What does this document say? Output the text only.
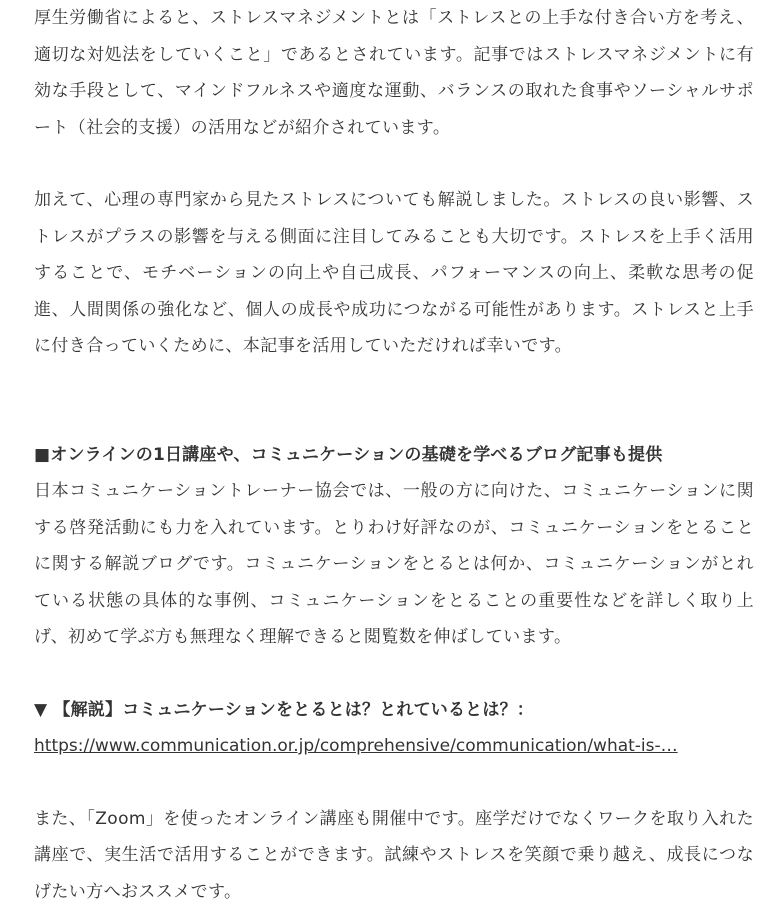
厚生労働省によると、ストレスマネジメントとは「ストレスとの上手な付き合い方を考え、適切な対処法をしていくこと」であるとされています。記事ではストレスマネジメントに有効な手段として、マインドフルネスや適度な運動、バランスの取れた食事やソーシャルサポート（社会的支援）の活用などが紹介されています。

加えて、心理の専門家から見たストレスについても解説しました。ストレスの良い影響、ストレスがプラスの影響を与える側面に注目してみることも大切です。ストレスを上手く活用することで、モチベーションの向上や自己成長、パフォーマンスの向上、柔軟な思考の促進、人間関係の強化など、個人の成長や成功につながる可能性があります。ストレスと上手に付き合っていくために、本記事を活用していただければ幸いです。

■オンラインの1日講座や、コミュニケーションの基礎を学べるブログ記事も提供

日本コミュニケーショントレーナー協会では、一般の方に向けた、コミュニケーションに関する啓発活動にも力を入れています。とりわけ好評なのが、コミュニケーションをとることに関する解説ブログです。コミュニケーションをとるとは何か、コミュニケーションがとれている状態の具体的な事例、コミュニケーションをとることの重要性などを詳しく取り上げ、初めて学ぶ方も無理なく理解できると閲覧数を伸ばしています。

▼ 【解説】コミュニケーションをとるとは？とれているとは？：

https://www.communication.or.jp/comprehensive/communication/what-is-…

また、「Zoom」を使ったオンライン講座も開催中です。座学だけでなくワークを取り入れた講座で、実生活で活用することができます。試練やストレスを笑顔で乗り越え、成長につなげたい方へおススメです。
